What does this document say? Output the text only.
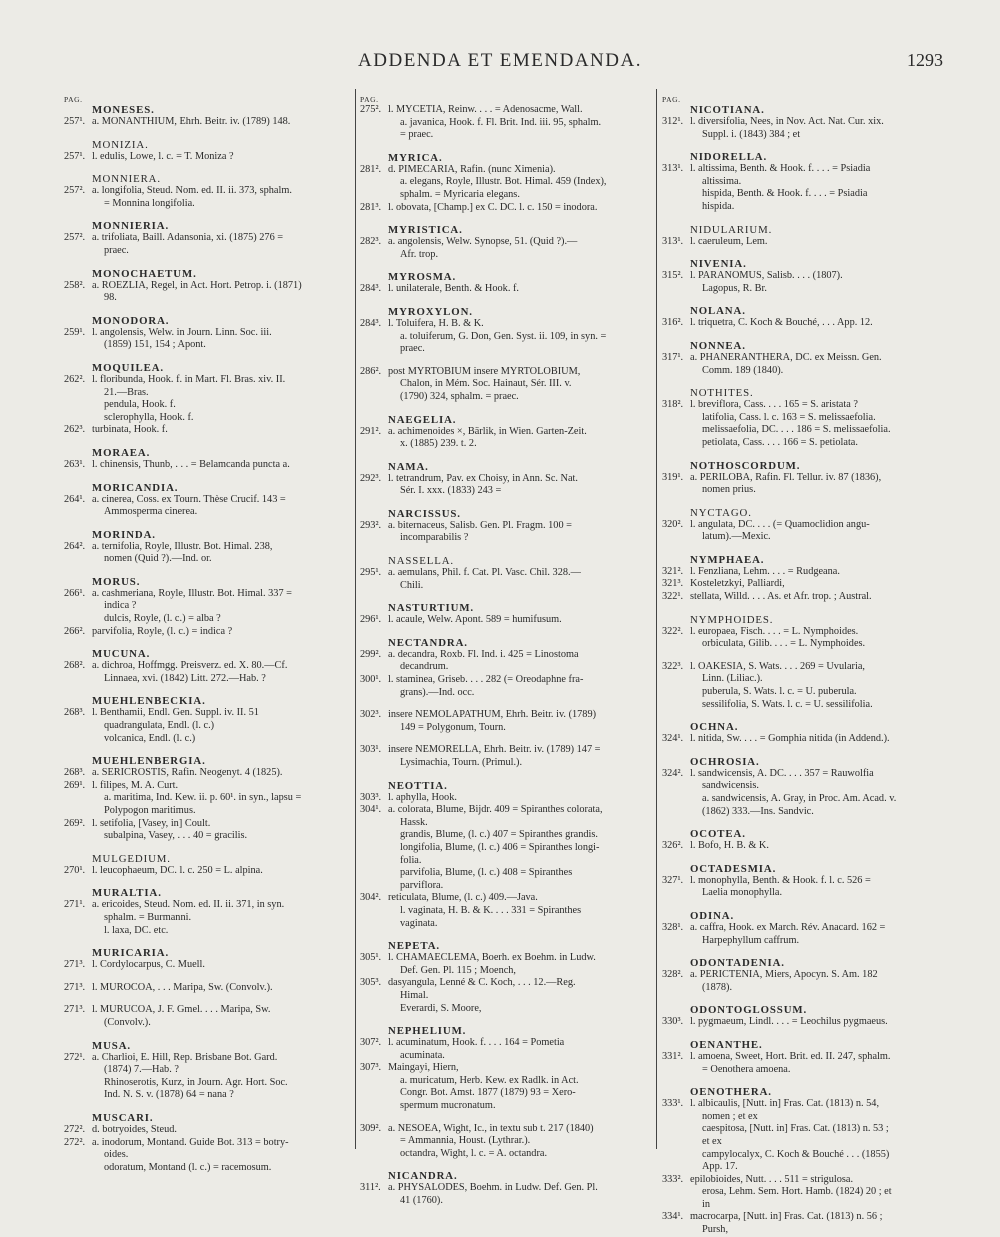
ADDENDA ET EMENDANDA.	1293
PAG.
MONESES.
257¹. a. MONANTHIUM, Ehrh. Beitr. iv. (1789) 148.
MONIZIA.
257¹. l. edulis, Lowe, l. c. = T. Moniza ?
MONNIERA.
257². a. longifolia, Steud. Nom. ed. II. ii. 373, sphalm.
= Monnina longifolia.
MONNIERIA.
257². a. trifoliata, Baill. Adansonia, xi. (1875) 276 =
praec.
MONOCHAETUM.
258². a. ROEZLIA, Regel, in Act. Hort. Petrop. i. (1871)
98.
MONODORA.
259¹. l. angolensis, Welw. in Journ. Linn. Soc. iii.
(1859) 151, 154 ; Apont.
MOQUILEA.
262². l. floribunda, Hook. f. in Mart. Fl. Bras. xiv. II.
21.—Bras.
pendula, Hook. f.
sclerophylla, Hook. f.
262³. turbinata, Hook. f.
MORAEA.
263¹. l. chinensis, Thunb, . . . = Belamcanda puncta a.
MORICANDIA.
264¹. a. cinerea, Coss. ex Tourn. Thèse Crucif. 143 =
Ammosperma cinerea.
MORINDA.
264². a. ternifolia, Royle, Illustr. Bot. Himal. 238,
nomen (Quid ?).—Ind. or.
MORUS.
266¹. a. cashmeriana, Royle, Illustr. Bot. Himal. 337 =
indica ?
dulcis, Royle, (l. c.) = alba ?
266². parvifolia, Royle, (l. c.) = indica ?
MUCUNA.
268². a. dichroa, Hoffmgg. Preisverz. ed. X. 80.—Cf.
Linnaea, xvi. (1842) Litt. 272.—Hab. ?
MUEHLENBECKIA.
268³. l. Benthamii, Endl. Gen. Suppl. iv. II. 51
quadrangulata, Endl. (l. c.)
volcanica, Endl. (l. c.)
MUEHLENBERGIA.
268³. a. SERICROSTIS, Rafin. Neogenyt. 4 (1825).
269¹. l. filipes, M. A. Curt.
a. maritima, Ind. Kew. ii. p. 60¹. in syn., lapsu =
Polypogon maritimus.
269². l. setifolia, [Vasey, in] Coult.
subalpina, Vasey, . . . 40 = gracilis.
MULGEDIUM.
270¹. l. leucophaeum, DC. l. c. 250 = L. alpina.
MURALTIA.
271¹. a. ericoides, Steud. Nom. ed. II. ii. 371, in syn.
sphalm. = Burmanni.
l. laxa, DC. etc.
MURICARIA.
271³. l. Cordylocarpus, C. Muell.
271³. l. MUROCOA, . . . Maripa, Sw. (Convolv.).
271³. l. MURUCOA, J. F. Gmel. . . . Maripa, Sw.
(Convolv.).
MUSA.
272¹. a. Charlioi, E. Hill, Rep. Brisbane Bot. Gard.
(1874) 7.—Hab. ?
Rhinoserotis, Kurz, in Journ. Agr. Hort. Soc.
Ind. N. S. v. (1878) 64 = nana ?
MUSCARI.
272². d. botryoides, Steud.
272². a. inodorum, Montand. Guide Bot. 313 = botry-
oides.
odoratum, Montand (l. c.) = racemosum.
PAG.
275². l. MYCETIA, Reinw. . . . = Adenosacme, Wall.
a. javanica, Hook. f. Fl. Brit. Ind. iii. 95, sphalm.
= praec.
MYRICA.
281². d. PIMECARIA, Rafin. (nunc Ximenia).
a. elegans, Royle, Illustr. Bot. Himal. 459 (Index),
sphalm. = Myricaria elegans.
281³. l. obovata, [Champ.] ex C. DC. l. c. 150 = inodora.
MYRISTICA.
282³. a. angolensis, Welw. Synopse, 51. (Quid ?).—
Afr. trop.
MYROSMA.
284³. l. unilaterale, Benth. & Hook. f.
MYROXYLON.
284³. l. Toluifera, H. B. & K.
a. toluiferum, G. Don, Gen. Syst. ii. 109, in syn. =
praec.
286². post MYRTOBIUM insere MYRTOLOBIUM,
Chalon, in Mém. Soc. Hainaut, Sér. III. v.
(1790) 324, sphalm. = praec.
NAEGELIA.
291². a. achimenoides ×, Bärlik, in Wien. Garten-Zeit.
x. (1885) 239. t. 2.
NAMA.
292³. l. tetrandrum, Pav. ex Choisy, in Ann. Sc. Nat.
Sér. I. xxx. (1833) 243 =
NARCISSUS.
293². a. biternaceus, Salisb. Gen. Pl. Fragm. 100 =
incomparabilis ?
NASSELLA.
295¹. a. aemulans, Phil. f. Cat. Pl. Vasc. Chil. 328.—
Chili.
NASTURTIUM.
296¹. l. acaule, Welw. Apont. 589 = humifusum.
NECTANDRA.
299². a. decandra, Roxb. Fl. Ind. i. 425 = Linostoma
decandrum.
300¹. l. staminea, Griseb. . . . 282 (= Oreodaphne fra-
grans).—Ind. occ.
302³. insere NEMOLAPATHUM, Ehrh. Beitr. iv. (1789)
149 = Polygonum, Tourn.
303¹. insere NEMORELLA, Ehrh. Beitr. iv. (1789) 147 =
Lysimachia, Tourn. (Primul.).
NEOTTIA.
303³. l. aphylla, Hook.
304¹. a. colorata, Blume, Bijdr. 409 = Spiranthes colorata,
Hassk.
grandis, Blume, (l. c.) 407 = Spiranthes grandis.
longifolia, Blume, (l. c.) 406 = Spiranthes longi-
folia.
parvifolia, Blume, (l. c.) 408 = Spiranthes
parviflora.
304². reticulata, Blume, (l. c.) 409.—Java.
l. vaginata, H. B. & K. . . . 331 = Spiranthes
vaginata.
NEPETA.
305¹. l. CHAMAECLEMA, Boerh. ex Boehm. in Ludw.
Def. Gen. Pl. 115 ; Moench,
305³. dasyangula, Lenné & C. Koch, . . . 12.—Reg.
Himal.
Everardi, S. Moore,
NEPHELIUM.
307². l. acuminatum, Hook. f. . . . 164 = Pometia
acuminata.
307³. Maingayi, Hiern,
a. muricatum, Herb. Kew. ex Radlk. in Act.
Congr. Bot. Amst. 1877 (1879) 93 = Xero-
spermum mucronatum.
309². a. NESOEA, Wight, Ic., in textu sub t. 217 (1840)
= Ammannia, Houst. (Lythrar.).
octandra, Wight, l. c. = A. octandra.
NICANDRA.
311². a. PHYSALODES, Boehm. in Ludw. Def. Gen. Pl.
41 (1760).
PAG.
NICOTIANA.
312¹. l. diversifolia, Nees, in Nov. Act. Nat. Cur. xix.
Suppl. i. (1843) 384 ; et
NIDORELLA.
313¹. l. altissima, Benth. & Hook. f. . . . = Psiadia
altissima.
hispida, Benth. & Hook. f. . . . = Psiadia
hispida.
NIDULARIUM.
313¹. l. caeruleum, Lem.
NIVENIA.
315². l. PARANOMUS, Salisb. . . . (1807).
Lagopus, R. Br.
NOLANA.
316². l. triquetra, C. Koch & Bouché, . . . App. 12.
NONNEA.
317¹. a. PHANERANTHERA, DC. ex Meissn. Gen.
Comm. 189 (1840).
NOTHITES.
318². l. breviflora, Cass. . . . 165 = S. aristata ?
latifolia, Cass. l. c. 163 = S. melissaefolia.
melissaefolia, DC. . . . 186 = S. melissaefolia.
petiolata, Cass. . . . 166 = S. petiolata.
NOTHOSCORDUM.
319¹. a. PERILOBA, Rafin. Fl. Tellur. iv. 87 (1836),
nomen prius.
NYCTAGO.
320². l. angulata, DC. . . . (= Quamoclidion angu-
latum).—Mexic.
NYMPHAEA.
321². l. Fenzliana, Lehm. . . . = Rudgeana.
321³. Kosteletzkyi, Palliardi,
322¹. stellata, Willd. . . . As. et Afr. trop. ; Austral.
NYMPHOIDES.
322². l. europaea, Fisch. . . . = L. Nymphoides.
orbiculata, Gilib. . . . = L. Nymphoides.
322³. l. OAKESIA, S. Wats. . . . 269 = Uvularia,
Linn. (Liliac.).
puberula, S. Wats. l. c. = U. puberula.
sessilifolia, S. Wats. l. c. = U. sessilifolia.
OCHNA.
324¹. l. nitida, Sw. . . . = Gomphia nitida (in Addend.).
OCHROSIA.
324². l. sandwicensis, A. DC. . . . 357 = Rauwolfia
sandwicensis.
a. sandwicensis, A. Gray, in Proc. Am. Acad. v.
(1862) 333.—Ins. Sandvic.
OCOTEA.
326². l. Bofo, H. B. & K.
OCTADESMIA.
327¹. l. monophylla, Benth. & Hook. f. l. c. 526 =
Laelia monophylla.
ODINA.
328¹. a. caffra, Hook. ex March. Rév. Anacard. 162 =
Harpephyllum caffrum.
ODONTADENIA.
328². a. PERICTENIA, Miers, Apocyn. S. Am. 182
(1878).
ODONTOGLOSSUM.
330³. l. pygmaeum, Lindl. . . . = Leochilus pygmaeus.
OENANTHE.
331². l. amoena, Sweet, Hort. Brit. ed. II. 247, sphalm.
= Oenothera amoena.
OENOTHERA.
333¹. l. albicaulis, [Nutt. in] Fras. Cat. (1813) n. 54,
nomen ; et ex
caespitosa, [Nutt. in] Fras. Cat. (1813) n. 53 ;
et ex
campylocalyx, C. Koch & Bouché . . . (1855)
App. 17.
333². epilobioides, Nutt. . . . 511 = strigulosa.
erosa, Lehm. Sem. Hort. Hamb. (1824) 20 ; et
in
334¹. macrocarpa, [Nutt. in] Fras. Cat. (1813) n. 56 ;
Pursh,
